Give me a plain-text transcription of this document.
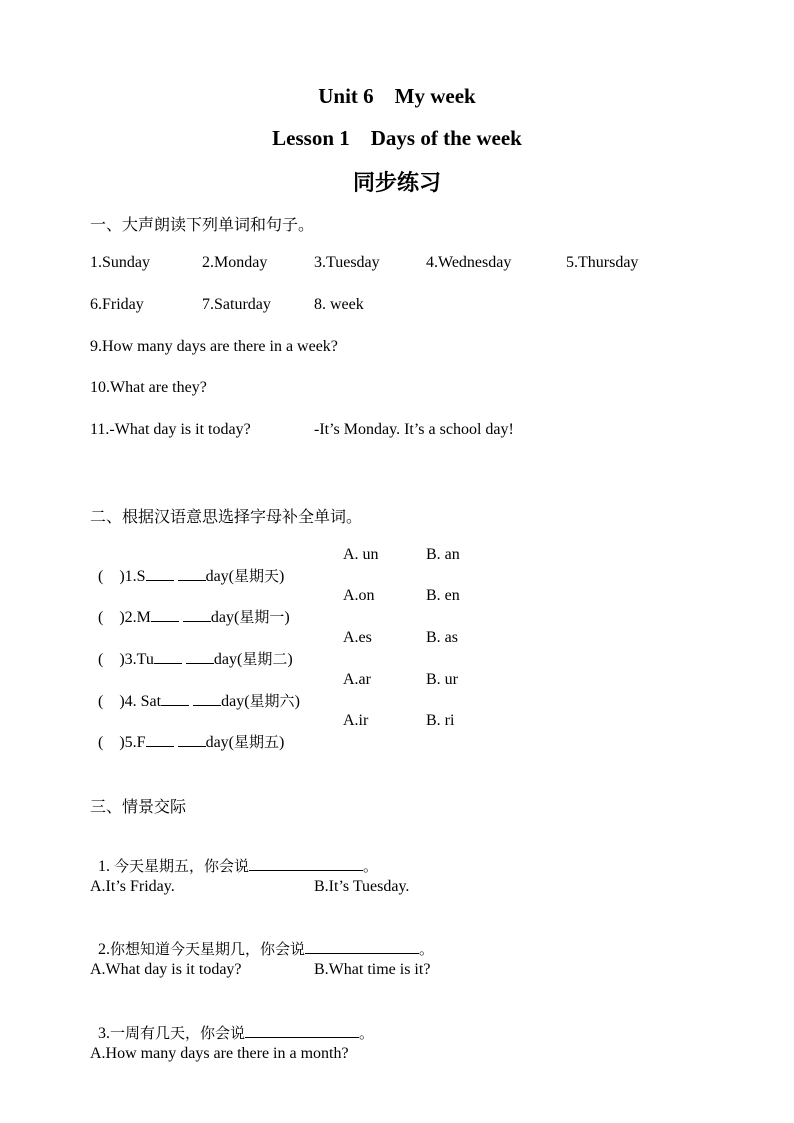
Unit 6    My week
Lesson 1    Days of the week
同步练习
一、大声朗读下列单词和句子。
1.Sunday	2.Monday	3.Tuesday	4.Wednesday	5.Thursday
6.Friday	7.Saturday	8. week
9.How many days are there in a week?
10.What are they?
11.-What day is it today?	-It’s Monday. It’s a school day!
二、根据汉语意思选择字母补全单词。

(    )1.S	day(星期天)

A. un	B. an

(    )2.M	day(星期一)

A.on	B. en

(    )3.Tu	day(星期二)

A.es	B. as

(    )4. Sat	day(星期六)

A.ar	B. ur

(    )5.F	day(星期五)

A.ir	B. ri
三、情景交际

1. 今天星期五，你会说	。

A.It’s Friday.	B.It’s Tuesday.

2.你想知道今天星期几，你会说	。

A.What day is it today?	B.What time is it?

3.一周有几天，你会说	。

A.How many days are there in a month?
